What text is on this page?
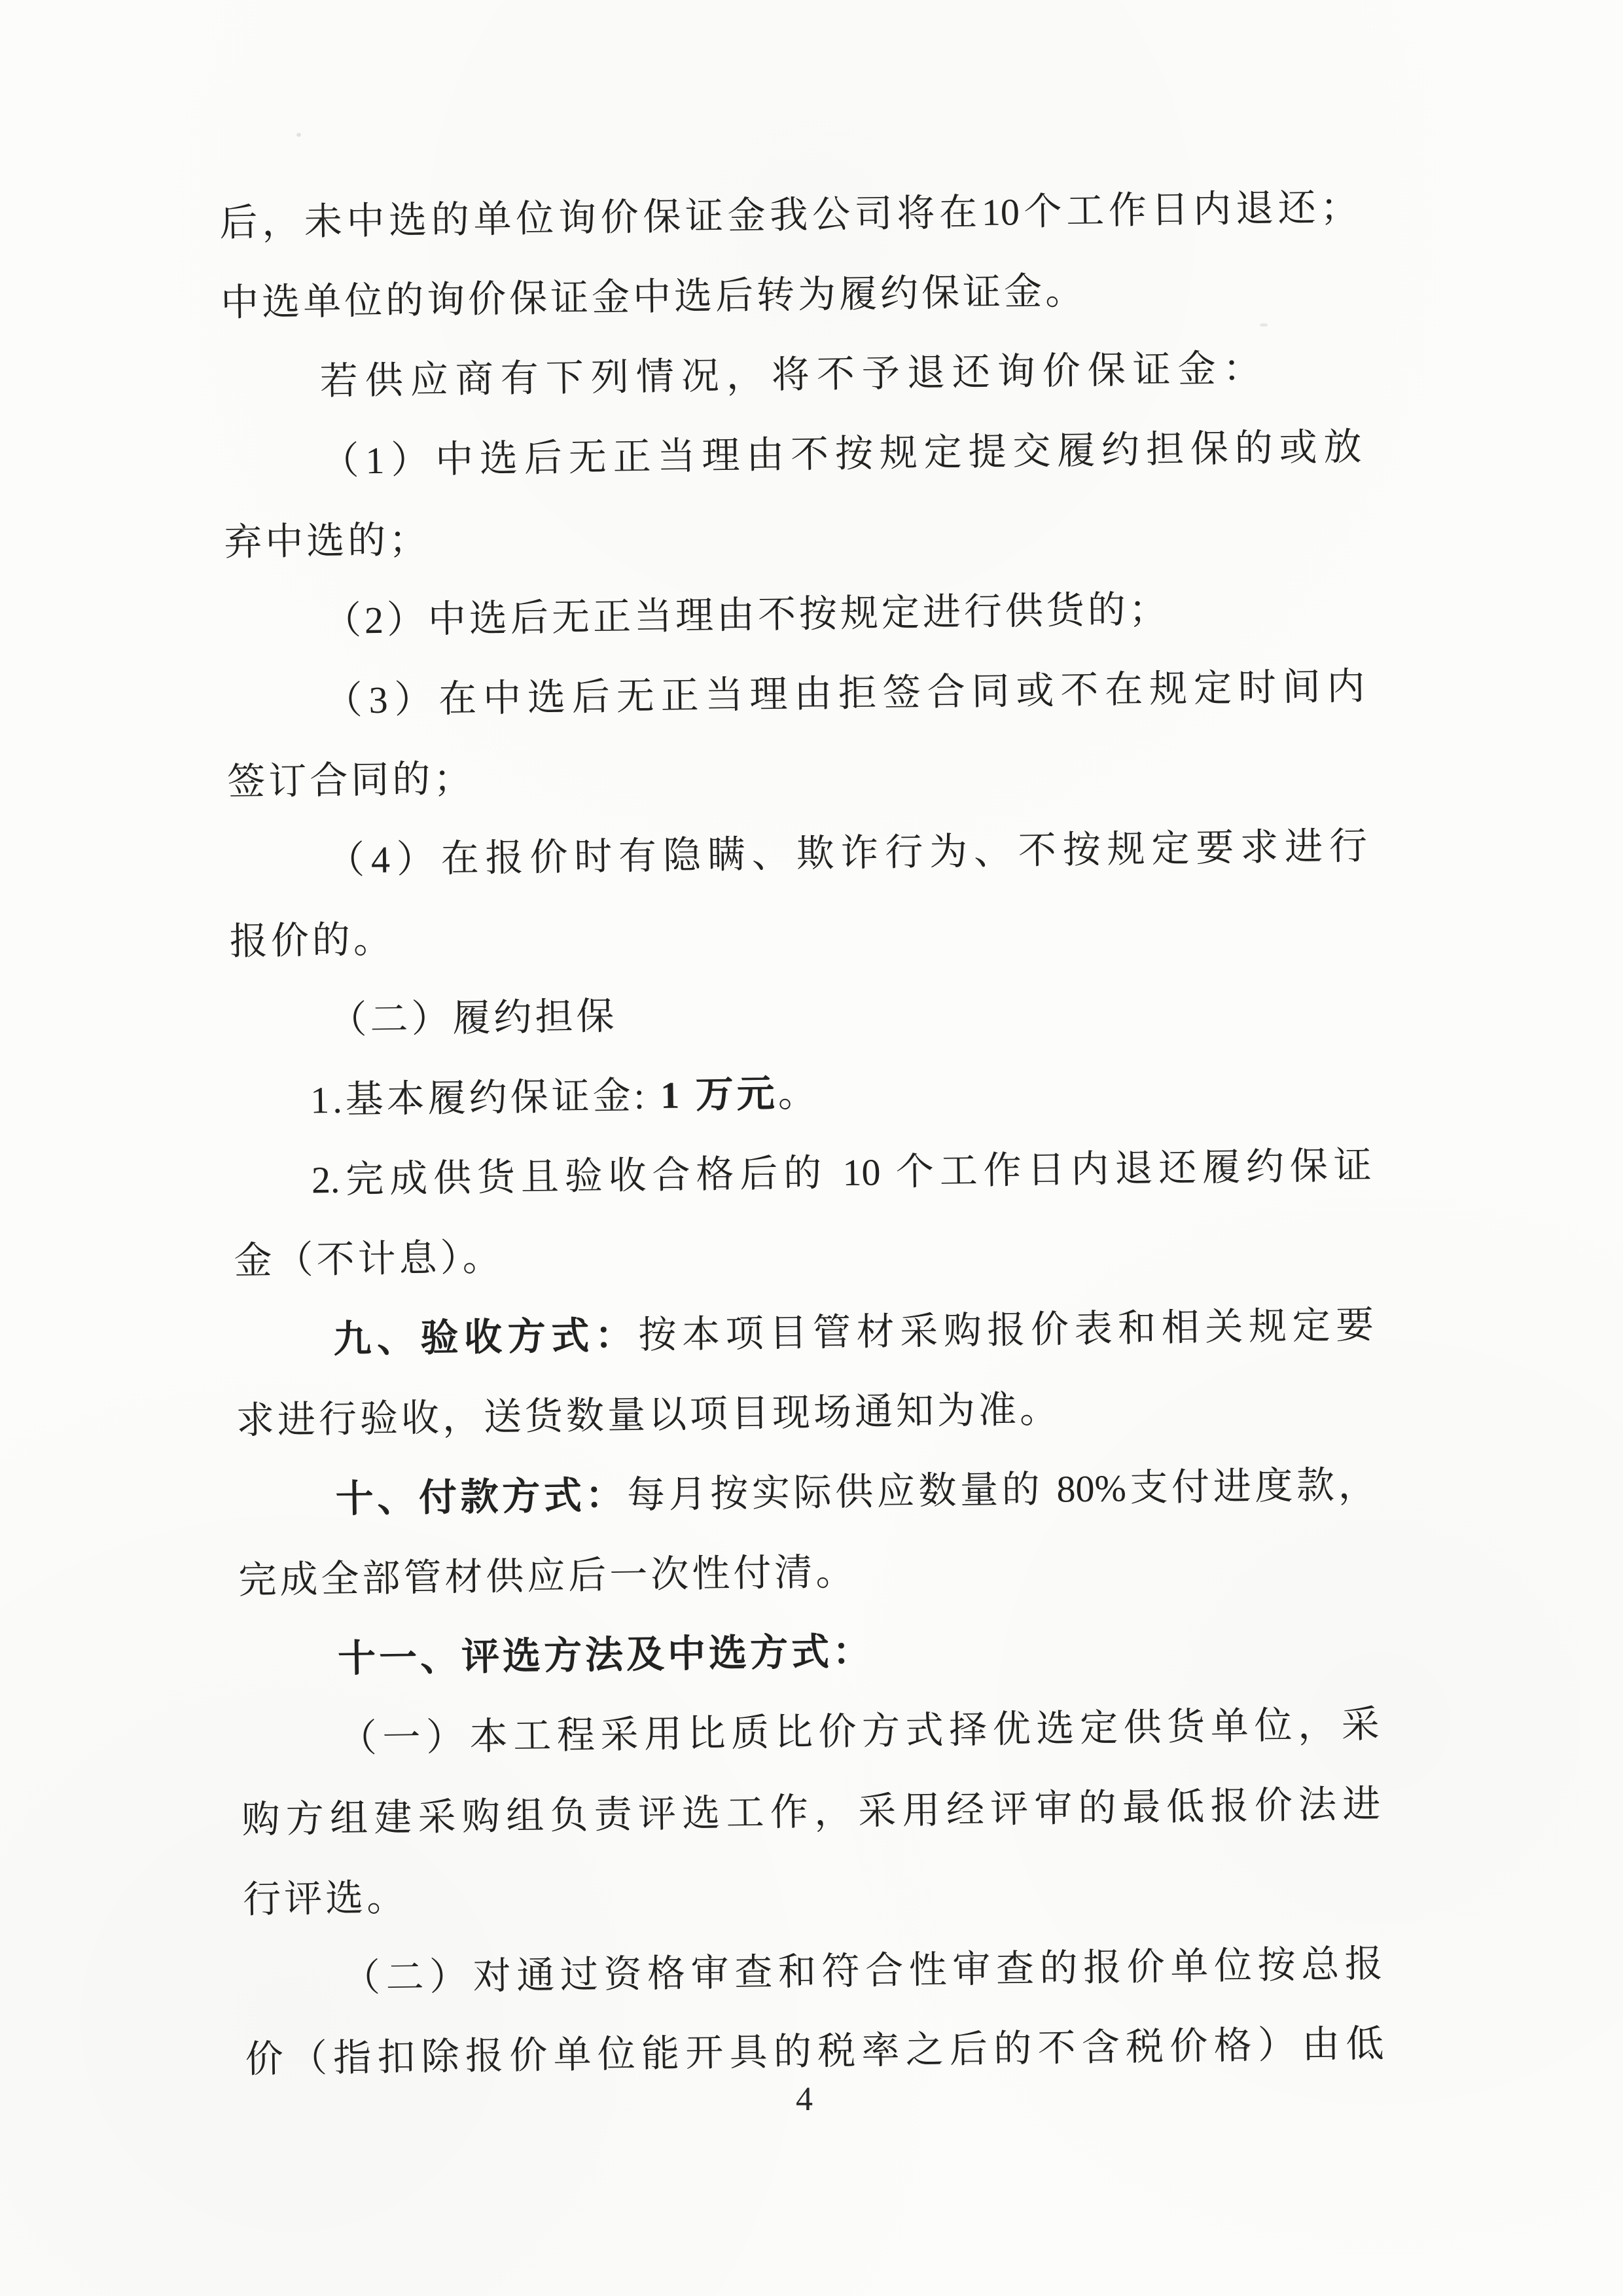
后，未中选的单位询价保证金我公司将在10个工作日内退还；
中选单位的询价保证金中选后转为履约保证金。
若供应商有下列情况，将不予退还询价保证金：
（1）中选后无正当理由不按规定提交履约担保的或放
弃中选的；
（2）中选后无正当理由不按规定进行供货的；
（3）在中选后无正当理由拒签合同或不在规定时间内
签订合同的；
（4）在报价时有隐瞒、欺诈行为、不按规定要求进行
报价的。
（二）履约担保
1.基本履约保证金: 1 万元。
2.完成供货且验收合格后的 10 个工作日内退还履约保证
金（不计息）。
九、验收方式：按本项目管材采购报价表和相关规定要
求进行验收，送货数量以项目现场通知为准。
十、付款方式：每月按实际供应数量的 80%支付进度款，
完成全部管材供应后一次性付清。
十一、评选方法及中选方式：
（一）本工程采用比质比价方式择优选定供货单位，采
购方组建采购组负责评选工作，采用经评审的最低报价法进
行评选。
（二）对通过资格审查和符合性审查的报价单位按总报
价（指扣除报价单位能开具的税率之后的不含税价格）由低
4
